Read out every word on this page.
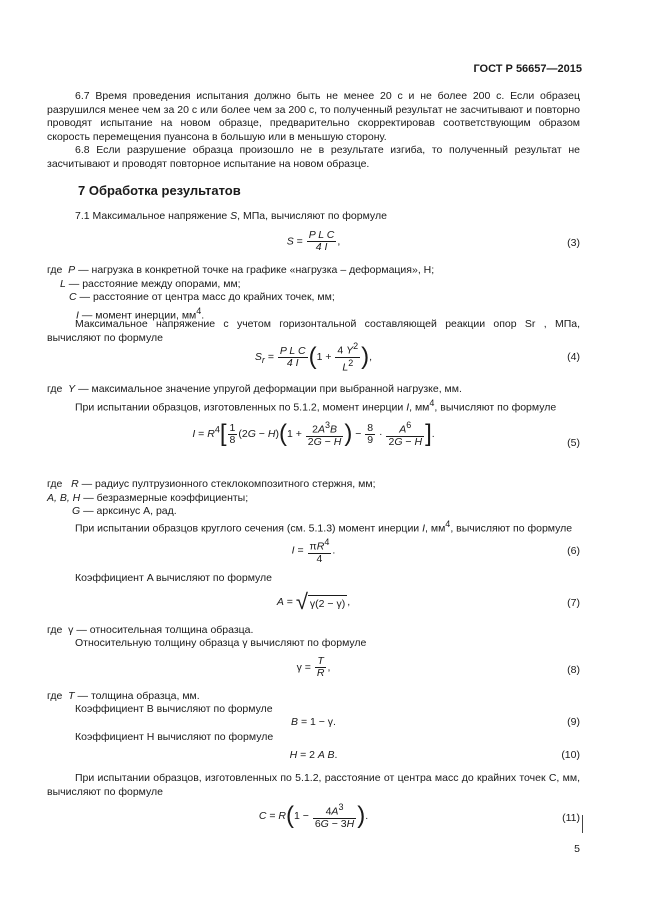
ГОСТ Р 56657—2015
6.7 Время проведения испытания должно быть не менее 20 с и не более 200 с. Если образец разрушился менее чем за 20 с или более чем за 200 с, то полученный результат не засчитывают и повторно проводят испытание на новом образце, предварительно скорректировав соответствующим образом скорость перемещения пуансона в большую или в меньшую сторону.
6.8 Если разрушение образца произошло не в результате изгиба, то полученный результат не засчитывают и проводят повторное испытание на новом образце.
7 Обработка результатов
7.1 Максимальное напряжение S, МПа, вычисляют по формуле
$S = \frac{\text{P L C}}{4 I}$ ,	(3)
где P — нагрузка в конкретной точке на графике «нагрузка – деформация», Н;
L — расстояние между опорами, мм;
C — расстояние от центра масс до крайних точек, мм;
I — момент инерции, $мм^4$.
Максимальное напряжение с учетом горизонтальной составляющей реакции опор Sr , МПа, вычисляют по формуле
$S_r = \frac{\text{P L C}}{4 I} (1 + \frac{4 Y^2}{L^2}$ ),	(4)
где Y — максимальное значение упругой деформации при выбранной нагрузке, мм.
При испытании образцов, изготовленных по 5.1.2, момент инерции I, $мм^4$, вычисляют по формуле
$I = R^4[ \frac{1}{8} (2G - H)(1 + \frac{2A^3B}{2G - H}$ ) − $\frac{8}{9} \cdot \frac{A^6}{2G - H}$ ].
(5)
где R — радиус пултрузионного стеклокомпозитного стержня, мм;
A, B, H — безразмерные коэффициенты;
G — арксинус A, рад.
При испытании образцов круглого сечения (см. 5.1.3) момент инерции I, $мм^4$, вычисляют по формуле
$I = \frac{\pi R^4}{4}$ .	(6)
Коэффициент A вычисляют по формуле
A = √ γ(2 − γ) ,	(7)
где γ — относительная толщина образца.
Относительную толщину образца γ вычисляют по формуле
$\gamma = \frac{T}{R}$ ,	(8)
где T — толщина образца, мм.
Коэффициент B вычисляют по формуле
B = 1 − γ.	(9)
Коэффициент H вычисляют по формуле
H = 2 A B.	(10)
При испытании образцов, изготовленных по 5.1.2, расстояние от центра масс до крайних точек C, мм, вычисляют по формуле
$C = R(1 - \frac{4A^3}{6G - 3H}$ ).	(11)
5
